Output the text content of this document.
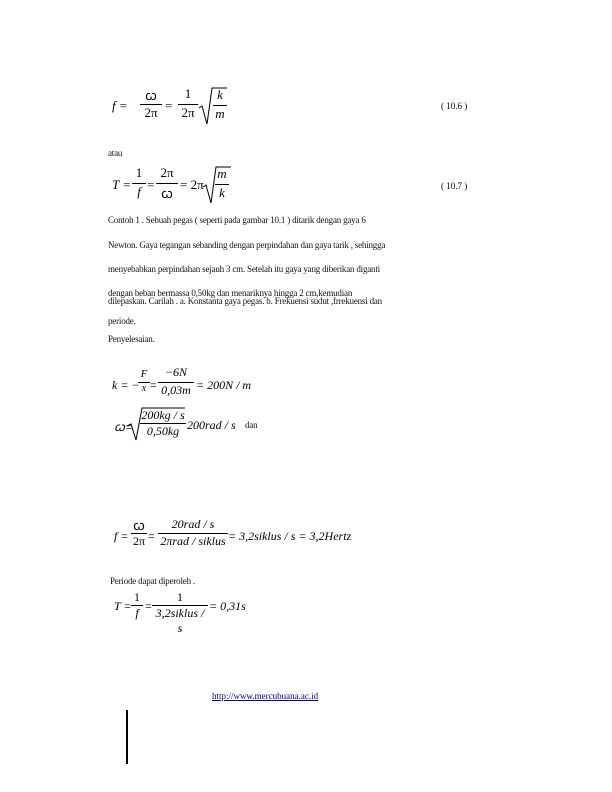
f =
ꞷ
2π =
1
2π
k
m	( 10.6 )
atau
T =
1
f =
2π
ꞷ
= 2π
m
k	( 10.7 )
Contoh 1 . Sebuah pegas ( seperti pada gambar 10.1 ) ditarik dengan gaya 6
Newton. Gaya tegangan sebanding dengan perpindahan dan gaya tarik , sehingga
menyebabkan perpindahan sejauh 3 cm. Setelah itu gaya yang diberikan diganti
dengan beban bermassa 0,50kg dan menariknya hingga 2 cm,kemudian
dilepaskan. Carilah . a. Konstanta gaya pegas. b. Frekuensi sudut ,frrekuensi dan
periode.
Penyelesaian.
k = −
F
x =
−6N
0,03m = 200N / m
ꞷ=
200kg / s
0,50kg 200rad / s dan
f =
ꞷ
2π =
20rad / s
2πrad / siklus = 3,2siklus / s = 3,2Hertz
Periode dapat diperoleh .
T =
1
f =
1
3,2siklus / s
= 0,31s
http://www.mercubuana.ac.id
